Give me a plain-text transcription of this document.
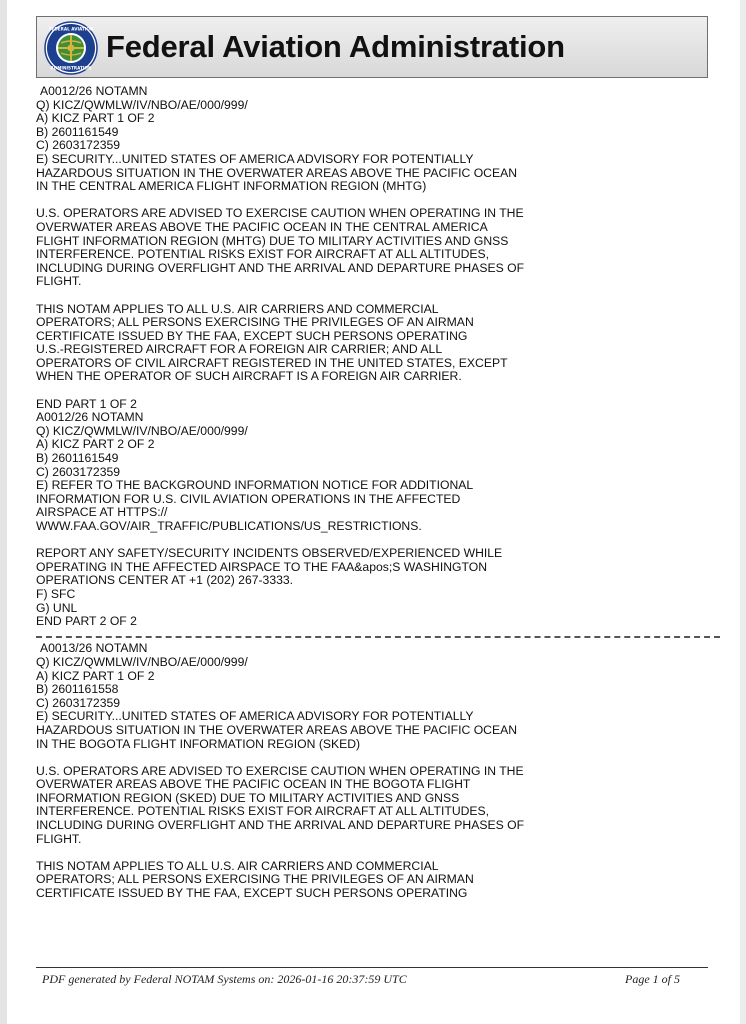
FEDERAL AVIATION
ADMINISTRATION
Federal Aviation Administration
A0012/26 NOTAMN
Q) KICZ/QWMLW/IV/NBO/AE/000/999/
A) KICZ PART 1 OF 2
B) 2601161549
C) 2603172359
E) SECURITY...UNITED STATES OF AMERICA ADVISORY FOR POTENTIALLY
HAZARDOUS SITUATION IN THE OVERWATER AREAS ABOVE THE PACIFIC OCEAN
IN THE CENTRAL AMERICA FLIGHT INFORMATION REGION (MHTG)
U.S. OPERATORS ARE ADVISED TO EXERCISE CAUTION WHEN OPERATING IN THE
OVERWATER AREAS ABOVE THE PACIFIC OCEAN IN THE CENTRAL AMERICA
FLIGHT INFORMATION REGION (MHTG) DUE TO MILITARY ACTIVITIES AND GNSS
INTERFERENCE. POTENTIAL RISKS EXIST FOR AIRCRAFT AT ALL ALTITUDES,
INCLUDING DURING OVERFLIGHT AND THE ARRIVAL AND DEPARTURE PHASES OF
FLIGHT.
THIS NOTAM APPLIES TO ALL U.S. AIR CARRIERS AND COMMERCIAL
OPERATORS; ALL PERSONS EXERCISING THE PRIVILEGES OF AN AIRMAN
CERTIFICATE ISSUED BY THE FAA, EXCEPT SUCH PERSONS OPERATING
U.S.-REGISTERED AIRCRAFT FOR A FOREIGN AIR CARRIER; AND ALL
OPERATORS OF CIVIL AIRCRAFT REGISTERED IN THE UNITED STATES, EXCEPT
WHEN THE OPERATOR OF SUCH AIRCRAFT IS A FOREIGN AIR CARRIER.
END PART 1 OF 2
A0012/26 NOTAMN
Q) KICZ/QWMLW/IV/NBO/AE/000/999/
A) KICZ PART 2 OF 2
B) 2601161549
C) 2603172359
E) REFER TO THE BACKGROUND INFORMATION NOTICE FOR ADDITIONAL
INFORMATION FOR U.S. CIVIL AVIATION OPERATIONS IN THE AFFECTED
AIRSPACE AT HTTPS://
WWW.FAA.GOV/AIR_TRAFFIC/PUBLICATIONS/US_RESTRICTIONS.
REPORT ANY SAFETY/SECURITY INCIDENTS OBSERVED/EXPERIENCED WHILE
OPERATING IN THE AFFECTED AIRSPACE TO THE FAA&apos;S WASHINGTON
OPERATIONS CENTER AT +1 (202) 267-3333.
F) SFC
G) UNL
END PART 2 OF 2
A0013/26 NOTAMN
Q) KICZ/QWMLW/IV/NBO/AE/000/999/
A) KICZ PART 1 OF 2
B) 2601161558
C) 2603172359
E) SECURITY...UNITED STATES OF AMERICA ADVISORY FOR POTENTIALLY
HAZARDOUS SITUATION IN THE OVERWATER AREAS ABOVE THE PACIFIC OCEAN
IN THE BOGOTA FLIGHT INFORMATION REGION (SKED)
U.S. OPERATORS ARE ADVISED TO EXERCISE CAUTION WHEN OPERATING IN THE
OVERWATER AREAS ABOVE THE PACIFIC OCEAN IN THE BOGOTA FLIGHT
INFORMATION REGION (SKED) DUE TO MILITARY ACTIVITIES AND GNSS
INTERFERENCE. POTENTIAL RISKS EXIST FOR AIRCRAFT AT ALL ALTITUDES,
INCLUDING DURING OVERFLIGHT AND THE ARRIVAL AND DEPARTURE PHASES OF
FLIGHT.
THIS NOTAM APPLIES TO ALL U.S. AIR CARRIERS AND COMMERCIAL
OPERATORS; ALL PERSONS EXERCISING THE PRIVILEGES OF AN AIRMAN
CERTIFICATE ISSUED BY THE FAA, EXCEPT SUCH PERSONS OPERATING
PDF generated by Federal NOTAM Systems on: 2026-01-16 20:37:59 UTC	Page 1 of 5
